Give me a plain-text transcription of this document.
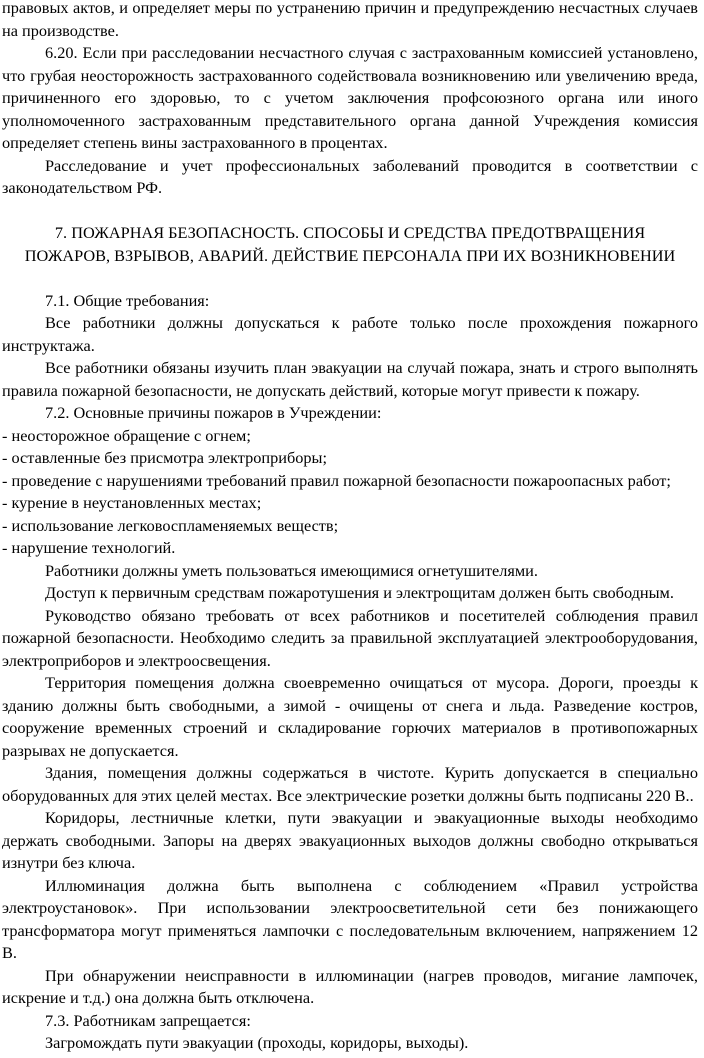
правовых актов, и определяет меры по устранению причин и предупреждению несчастных случаев на производстве.

6.20. Если при расследовании несчастного случая с застрахованным комиссией установлено, что грубая неосторожность застрахованного содействовала возникновению или увеличению вреда, причиненного его здоровью, то с учетом заключения профсоюзного органа или иного уполномоченного застрахованным представительного органа данной Учреждения комиссия определяет степень вины застрахованного в процентах.

Расследование и учет профессиональных заболеваний проводится в соответствии с законодательством РФ.

7. ПОЖАРНАЯ БЕЗОПАСНОСТЬ. СПОСОБЫ И СРЕДСТВА ПРЕДОТВРАЩЕНИЯ

ПОЖАРОВ, ВЗРЫВОВ, АВАРИЙ. ДЕЙСТВИЕ ПЕРСОНАЛА ПРИ ИХ ВОЗНИКНОВЕНИИ

7.1. Общие требования:

Все работники должны допускаться к работе только после прохождения пожарного инструктажа.

Все работники обязаны изучить план эвакуации на случай пожара, знать и строго выполнять правила пожарной безопасности, не допускать действий, которые могут привести к пожару.

7.2. Основные причины пожаров в Учреждении:

- неосторожное обращение с огнем;

- оставленные без присмотра электроприборы;

- проведение с нарушениями требований правил пожарной безопасности пожароопасных работ;

- курение в неустановленных местах;

- использование легковоспламеняемых веществ;

- нарушение технологий.

Работники должны уметь пользоваться имеющимися огнетушителями.

Доступ к первичным средствам пожаротушения и электрощитам должен быть свободным.

Руководство обязано требовать от всех работников и посетителей соблюдения правил пожарной безопасности. Необходимо следить за правильной эксплуатацией электрооборудования, электроприборов и электроосвещения.

Территория помещения должна своевременно очищаться от мусора. Дороги, проезды к зданию должны быть свободными, а зимой - очищены от снега и льда. Разведение костров, сооружение временных строений и складирование горючих материалов в противопожарных разрывах не допускается.

Здания, помещения должны содержаться в чистоте. Курить допускается в специально оборудованных для этих целей местах. Все электрические розетки должны быть подписаны 220 В..

Коридоры, лестничные клетки, пути эвакуации и эвакуационные выходы необходимо держать свободными. Запоры на дверях эвакуационных выходов должны свободно открываться изнутри без ключа.

Иллюминация должна быть выполнена с соблюдением «Правил устройства электроустановок». При использовании электроосветительной сети без понижающего трансформатора могут применяться лампочки с последовательным включением, напряжением 12 В.

При обнаружении неисправности в иллюминации (нагрев проводов, мигание лампочек, искрение и т.д.) она должна быть отключена.

7.3. Работникам запрещается:

Загромождать пути эвакуации (проходы, коридоры, выходы).
